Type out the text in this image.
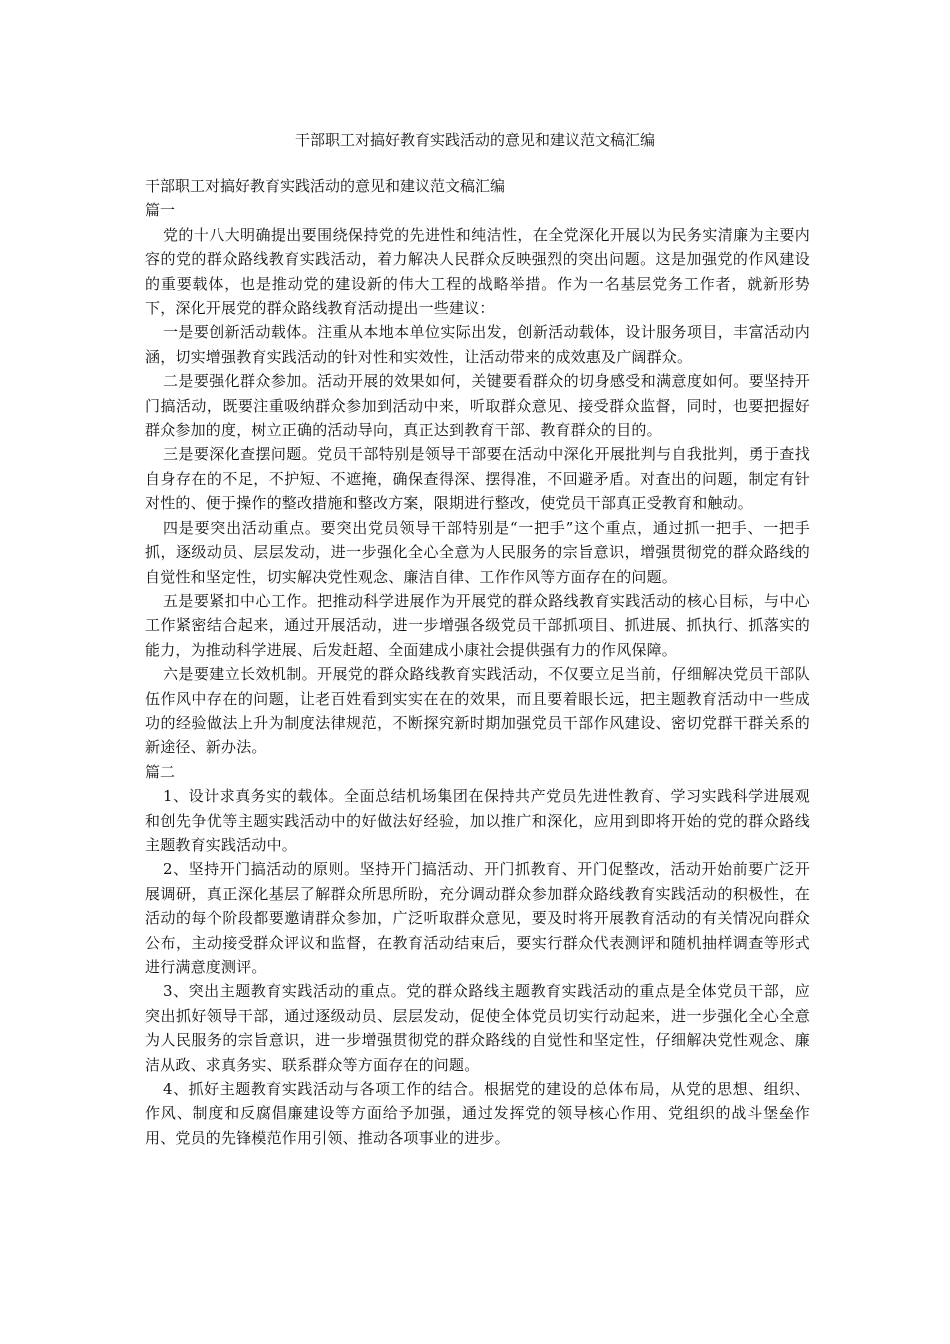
干部职工对搞好教育实践活动的意见和建议范文稿汇编

干部职工对搞好教育实践活动的意见和建议范文稿汇编

篇一

党的十八大明确提出要围绕保持党的先进性和纯洁性，在全党深化开展以为民务实清廉为主要内容的党的群众路线教育实践活动，着力解决人民群众反映强烈的突出问题。这是加强党的作风建设的重要载体，也是推动党的建设新的伟大工程的战略举措。作为一名基层党务工作者，就新形势下，深化开展党的群众路线教育活动提出一些建议：

一是要创新活动载体。注重从本地本单位实际出发，创新活动载体，设计服务项目，丰富活动内涵，切实增强教育实践活动的针对性和实效性，让活动带来的成效惠及广阔群众。

二是要强化群众参加。活动开展的效果如何，关键要看群众的切身感受和满意度如何。要坚持开门搞活动，既要注重吸纳群众参加到活动中来，听取群众意见、接受群众监督，同时，也要把握好群众参加的度，树立正确的活动导向，真正达到教育干部、教育群众的目的。

三是要深化查摆问题。党员干部特别是领导干部要在活动中深化开展批判与自我批判，勇于查找自身存在的不足，不护短、不遮掩，确保查得深、摆得准，不回避矛盾。对查出的问题，制定有针对性的、便于操作的整改措施和整改方案，限期进行整改，使党员干部真正受教育和触动。

四是要突出活动重点。要突出党员领导干部特别是“一把手”这个重点，通过抓一把手、一把手抓，逐级动员、层层发动，进一步强化全心全意为人民服务的宗旨意识，增强贯彻党的群众路线的自觉性和坚定性，切实解决党性观念、廉洁自律、工作作风等方面存在的问题。

五是要紧扣中心工作。把推动科学进展作为开展党的群众路线教育实践活动的核心目标，与中心工作紧密结合起来，通过开展活动，进一步增强各级党员干部抓项目、抓进展、抓执行、抓落实的能力，为推动科学进展、后发赶超、全面建成小康社会提供强有力的作风保障。

六是要建立长效机制。开展党的群众路线教育实践活动，不仅要立足当前，仔细解决党员干部队伍作风中存在的问题，让老百姓看到实实在在的效果，而且要着眼长远，把主题教育活动中一些成功的经验做法上升为制度法律规范，不断探究新时期加强党员干部作风建设、密切党群干群关系的新途径、新办法。

篇二

1、设计求真务实的载体。全面总结机场集团在保持共产党员先进性教育、学习实践科学进展观和创先争优等主题实践活动中的好做法好经验，加以推广和深化，应用到即将开始的党的群众路线主题教育实践活动中。

2、坚持开门搞活动的原则。坚持开门搞活动、开门抓教育、开门促整改，活动开始前要广泛开展调研，真正深化基层了解群众所思所盼，充分调动群众参加群众路线教育实践活动的积极性，在活动的每个阶段都要邀请群众参加，广泛听取群众意见，要及时将开展教育活动的有关情况向群众公布，主动接受群众评议和监督，在教育活动结束后，要实行群众代表测评和随机抽样调查等形式进行满意度测评。

3、突出主题教育实践活动的重点。党的群众路线主题教育实践活动的重点是全体党员干部，应突出抓好领导干部，通过逐级动员、层层发动，促使全体党员切实行动起来，进一步强化全心全意为人民服务的宗旨意识，进一步增强贯彻党的群众路线的自觉性和坚定性，仔细解决党性观念、廉洁从政、求真务实、联系群众等方面存在的问题。

4、抓好主题教育实践活动与各项工作的结合。根据党的建设的总体布局，从党的思想、组织、作风、制度和反腐倡廉建设等方面给予加强，通过发挥党的领导核心作用、党组织的战斗堡垒作用、党员的先锋模范作用引领、推动各项事业的进步。
